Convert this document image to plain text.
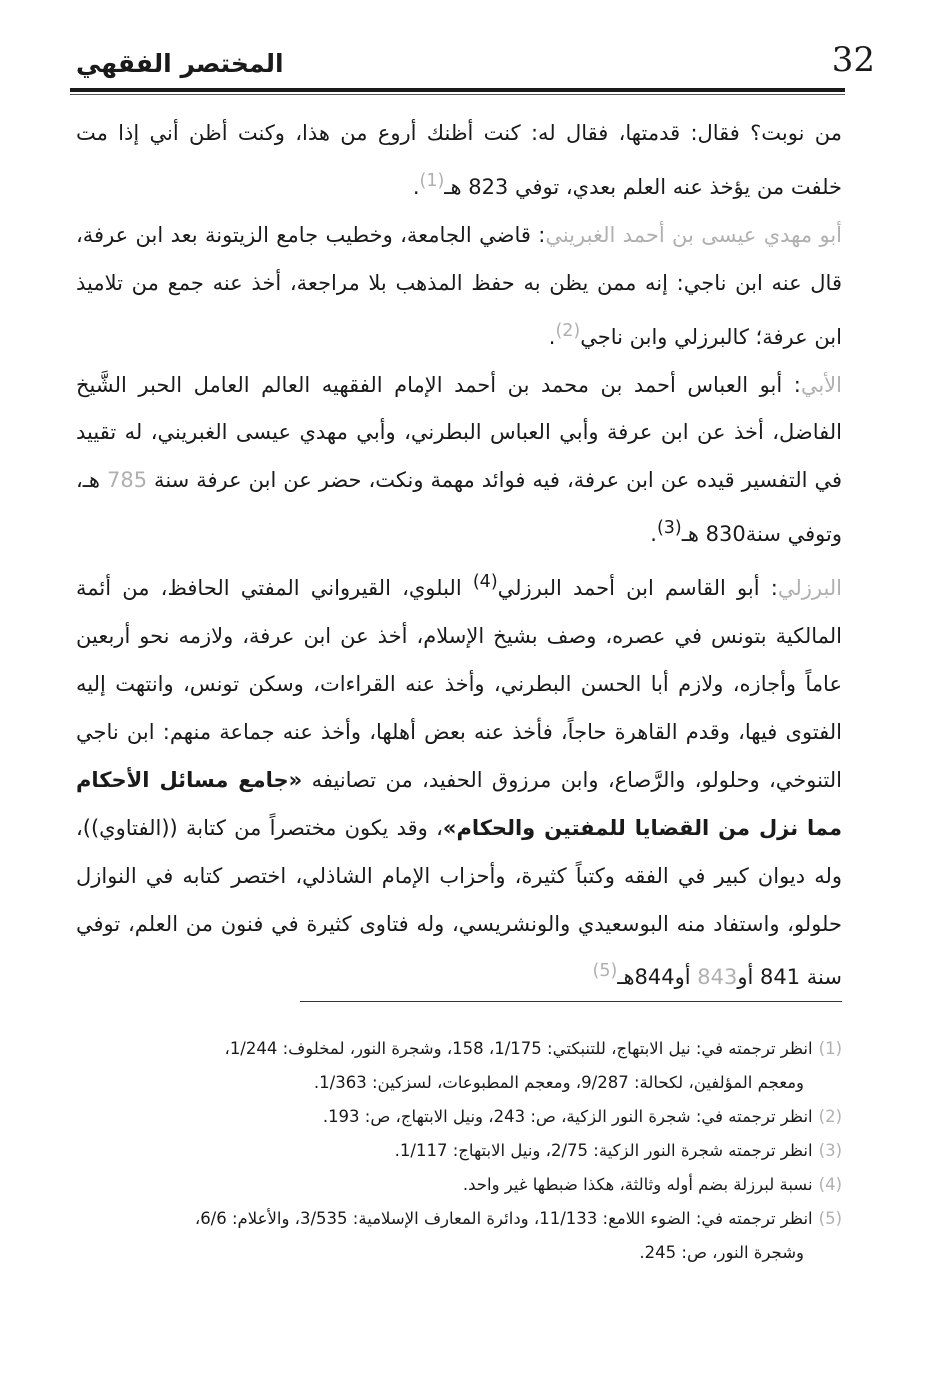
32
المختصر الفقهي

من نوبت؟ فقال: قدمتها، فقال له: كنت أظنك أروع من هذا، وكنت أظن أني إذا مت خلفت من يؤخذ عنه العلم بعدي، توفي 823 هـ$^{(1)}$.

أبو مهدي عيسى بن أحمد الغبريني: قاضي الجامعة، وخطيب جامع الزيتونة بعد ابن عرفة، قال عنه ابن ناجي: إنه ممن يظن به حفظ المذهب بلا مراجعة، أخذ عنه جمع من تلاميذ ابن عرفة؛ كالبرزلي وابن ناجي$^{(2)}$.

الأبي: أبو العباس أحمد بن محمد بن أحمد الإمام الفقهيه العالم العامل الحبر الشَّيخ الفاضل، أخذ عن ابن عرفة وأبي العباس البطرني، وأبي مهدي عيسى الغبريني، له تقييد في التفسير قيده عن ابن عرفة، فيه فوائد مهمة ونكت، حضر عن ابن عرفة سنة 785 هـ، وتوفي سنة830 هـ$^{(3)}$.

البرزلي: أبو القاسم ابن أحمد البرزلي$^{(4)}$ البلوي، القيرواني المفتي الحافظ، من أئمة المالكية بتونس في عصره، وصف بشيخ الإسلام، أخذ عن ابن عرفة، ولازمه نحو أربعين عاماً وأجازه، ولازم أبا الحسن البطرني، وأخذ عنه القراءات، وسكن تونس، وانتهت إليه الفتوى فيها، وقدم القاهرة حاجاً، فأخذ عنه بعض أهلها، وأخذ عنه جماعة منهم: ابن ناجي التنوخي، وحلولو، والرَّصاع، وابن مرزوق الحفيد، من تصانيفه «جامع مسائل الأحكام مما نزل من القضايا للمفتين والحكام»، وقد يكون مختصراً من كتابة ((الفتاوي))، وله ديوان كبير في الفقه وكتباً كثيرة، وأحزاب الإمام الشاذلي، اختصر كتابه في النوازل حلولو، واستفاد منه البوسعيدي والونشريسي، وله فتاوى كثيرة في فنون من العلم، توفي سنة 841 أو843 أو844هـ$^{(5)}$

(1)انظر ترجمته في: نيل الابتهاج، للتنبكتي: 1/175، 158، وشجرة النور، لمخلوف: 1/244،

ومعجم المؤلفين، لكحالة: 9/287، ومعجم المطبوعات، لسزكين: 1/363.

(2)انظر ترجمته في: شجرة النور الزكية، ص: 243، ونيل الابتهاج، ص: 193.

(3)انظر ترجمته شجرة النور الزكية: 2/75، ونيل الابتهاج: 1/117.

(4)نسبة لبرزلة بضم أوله وثالثة، هكذا ضبطها غير واحد.

(5)انظر ترجمته في: الضوء اللامع: 11/133، ودائرة المعارف الإسلامية: 3/535، والأعلام: 6/6،

وشجرة النور، ص: 245.
